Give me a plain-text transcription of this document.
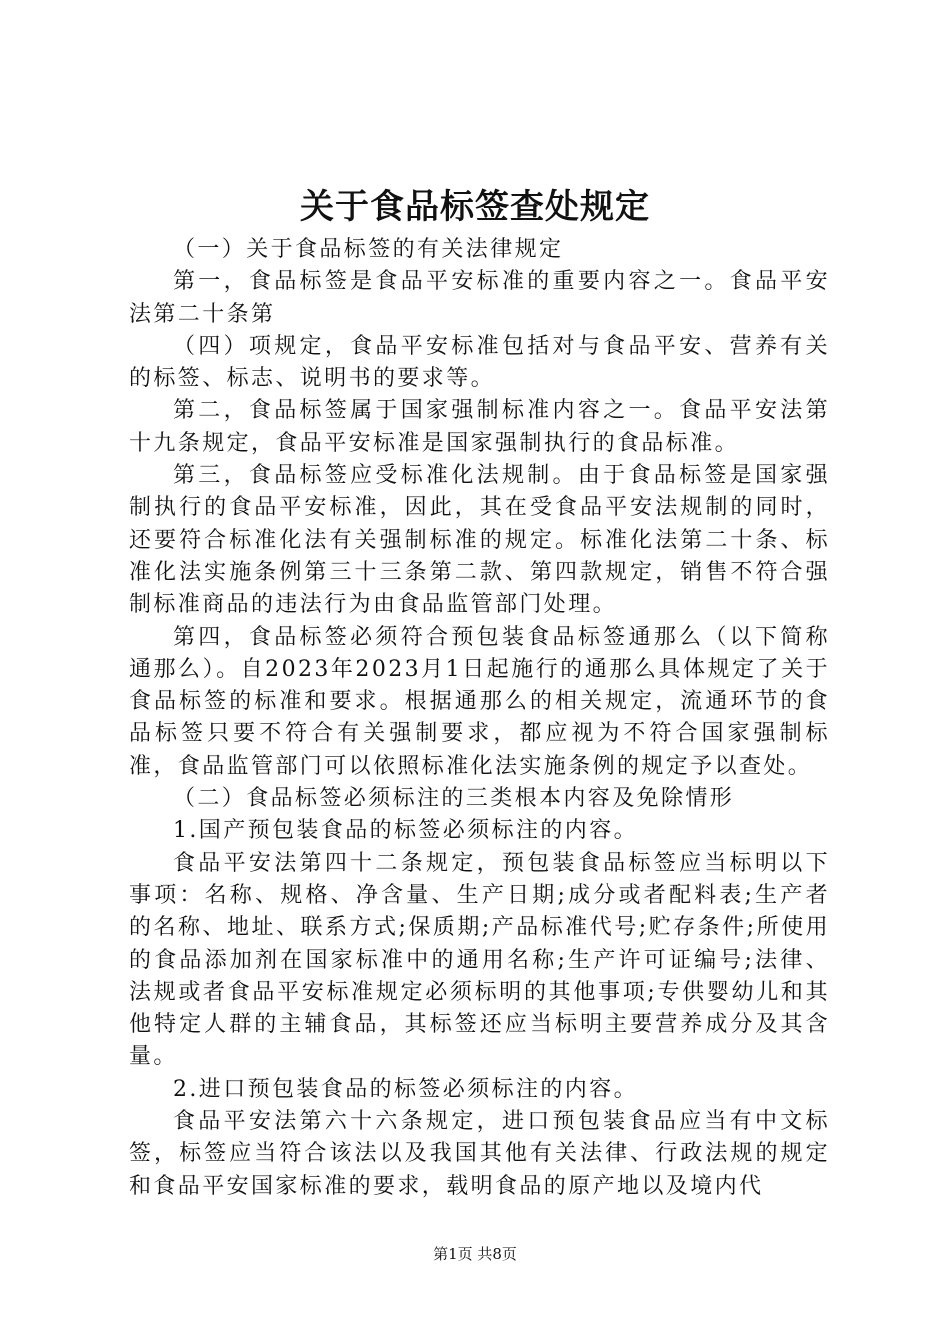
关于食品标签查处规定

（一）关于食品标签的有关法律规定

第一，食品标签是食品平安标准的重要内容之一。食品平安法第二十条第

（四）项规定，食品平安标准包括对与食品平安、营养有关的标签、标志、说明书的要求等。

第二，食品标签属于国家强制标准内容之一。食品平安法第十九条规定，食品平安标准是国家强制执行的食品标准。

第三，食品标签应受标准化法规制。由于食品标签是国家强制执行的食品平安标准，因此，其在受食品平安法规制的同时，还要符合标准化法有关强制标准的规定。标准化法第二十条、标准化法实施条例第三十三条第二款、第四款规定，销售不符合强制标准商品的违法行为由食品监管部门处理。

第四，食品标签必须符合预包装食品标签通那么（以下简称通那么）。自2023年2023月1日起施行的通那么具体规定了关于食品标签的标准和要求。根据通那么的相关规定，流通环节的食品标签只要不符合有关强制要求，都应视为不符合国家强制标准，食品监管部门可以依照标准化法实施条例的规定予以查处。

（二）食品标签必须标注的三类根本内容及免除情形

1.国产预包装食品的标签必须标注的内容。

食品平安法第四十二条规定，预包装食品标签应当标明以下事项：名称、规格、净含量、生产日期;成分或者配料表;生产者的名称、地址、联系方式;保质期;产品标准代号;贮存条件;所使用的食品添加剂在国家标准中的通用名称;生产许可证编号;法律、法规或者食品平安标准规定必须标明的其他事项;专供婴幼儿和其他特定人群的主辅食品，其标签还应当标明主要营养成分及其含量。

2.进口预包装食品的标签必须标注的内容。

食品平安法第六十六条规定，进口预包装食品应当有中文标签，标签应当符合该法以及我国其他有关法律、行政法规的规定和食品平安国家标准的要求，载明食品的原产地以及境内代

第1页 共8页
